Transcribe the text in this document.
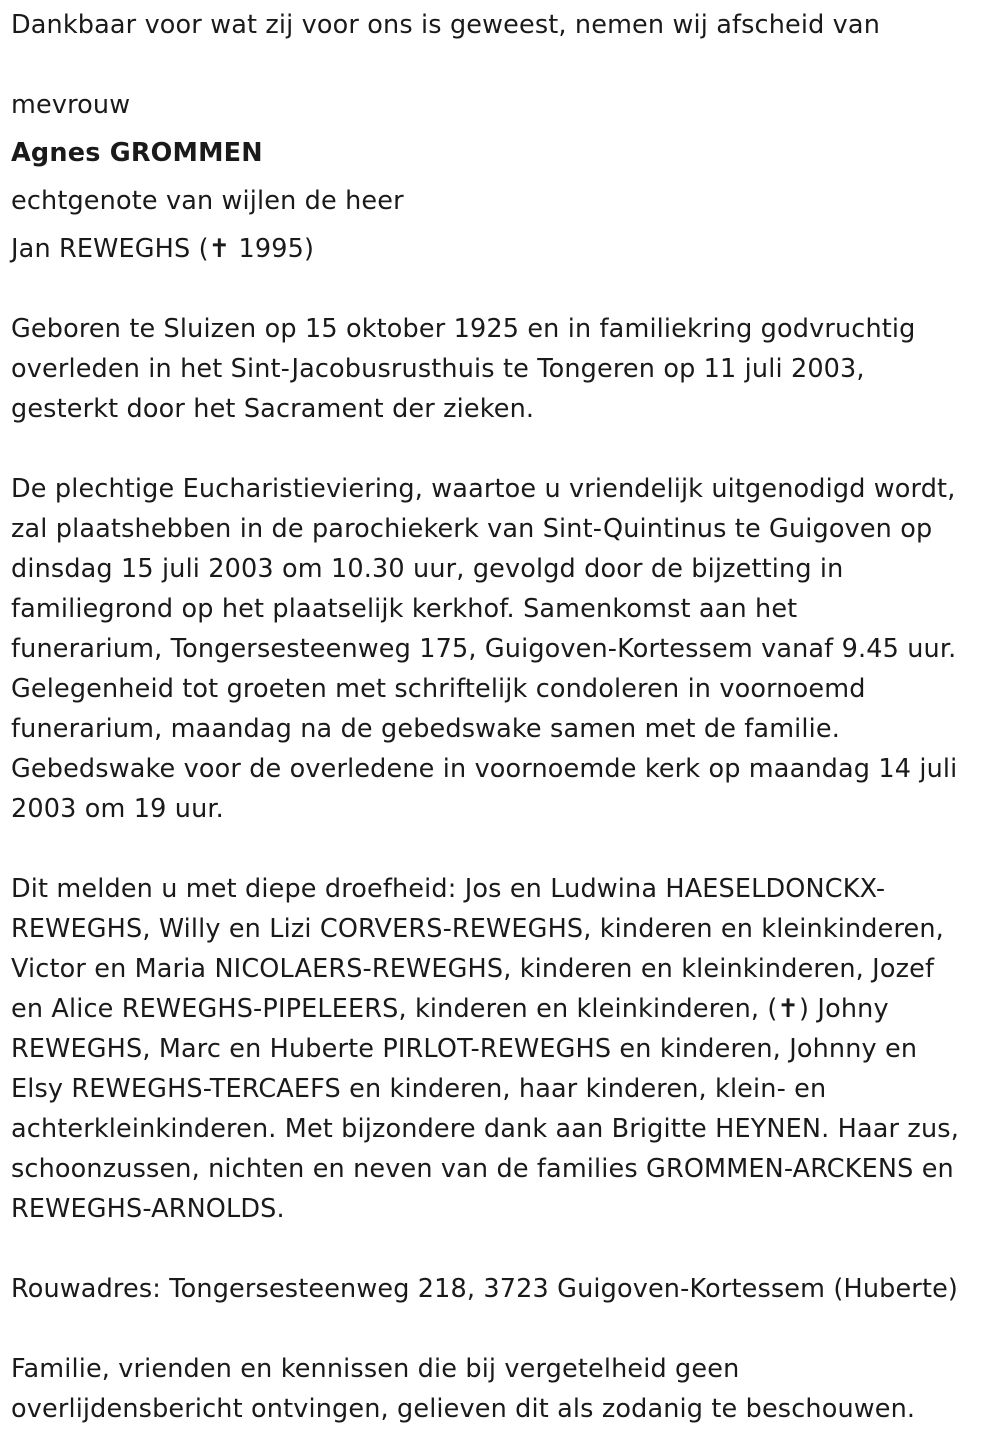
Dankbaar voor wat zij voor ons is geweest, nemen wij afscheid van

mevrouw

Agnes GROMMEN

echtgenote van wijlen de heer

Jan REWEGHS (✝ 1995)

Geboren te Sluizen op 15 oktober 1925 en in familiekring godvruchtig

overleden in het Sint-Jacobusrusthuis te Tongeren op 11 juli 2003,

gesterkt door het Sacrament der zieken.

De plechtige Eucharistieviering, waartoe u vriendelijk uitgenodigd wordt,

zal plaatshebben in de parochiekerk van Sint-Quintinus te Guigoven op

dinsdag 15 juli 2003 om 10.30 uur, gevolgd door de bijzetting in

familiegrond op het plaatselijk kerkhof. Samenkomst aan het

funerarium, Tongersesteenweg 175, Guigoven-Kortessem vanaf 9.45 uur.

Gelegenheid tot groeten met schriftelijk condoleren in voornoemd

funerarium, maandag na de gebedswake samen met de familie.

Gebedswake voor de overledene in voornoemde kerk op maandag 14 juli

2003 om 19 uur.

Dit melden u met diepe droefheid: Jos en Ludwina HAESELDONCKX-

REWEGHS, Willy en Lizi CORVERS-REWEGHS, kinderen en kleinkinderen,

Victor en Maria NICOLAERS-REWEGHS, kinderen en kleinkinderen, Jozef

en Alice REWEGHS-PIPELEERS, kinderen en kleinkinderen, (✝) Johny

REWEGHS, Marc en Huberte PIRLOT-REWEGHS en kinderen, Johnny en

Elsy REWEGHS-TERCAEFS en kinderen, haar kinderen, klein- en

achterkleinkinderen. Met bijzondere dank aan Brigitte HEYNEN. Haar zus,

schoonzussen, nichten en neven van de families GROMMEN-ARCKENS en

REWEGHS-ARNOLDS.

Rouwadres: Tongersesteenweg 218, 3723 Guigoven-Kortessem (Huberte)

Familie, vrienden en kennissen die bij vergetelheid geen

overlijdensbericht ontvingen, gelieven dit als zodanig te beschouwen.
